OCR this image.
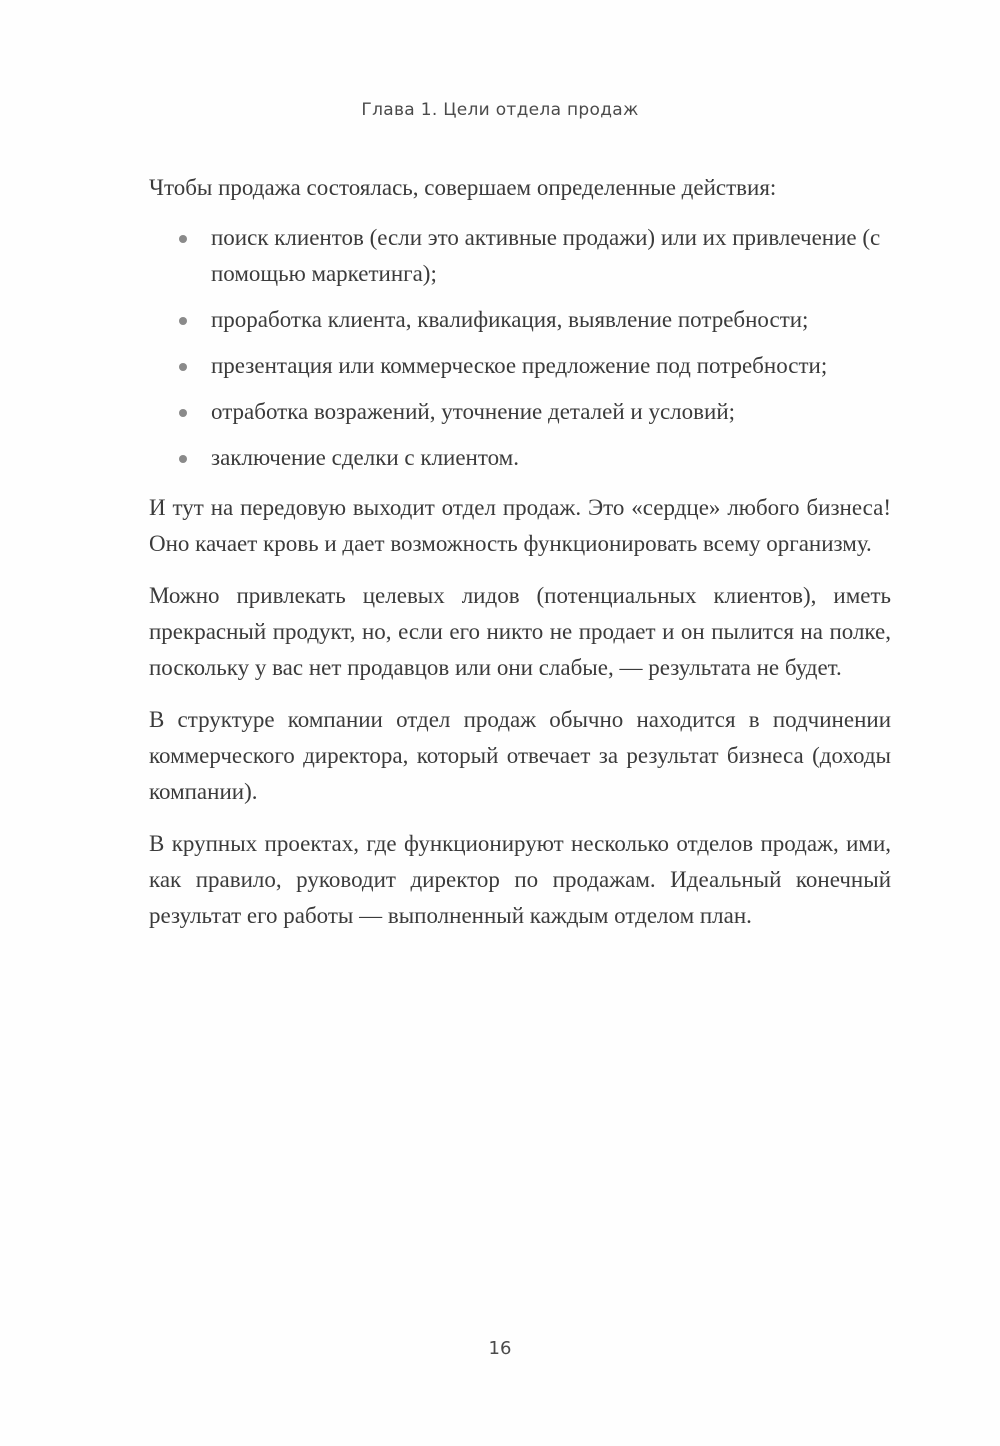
Глава 1. Цели отдела продаж

Чтобы продажа состоялась, совершаем определенные действия:

поиск клиентов (если это активные продажи) или их привлечение (с помощью маркетинга);
проработка клиента, квалификация, выявление потребности;
презентация или коммерческое предложение под потребности;
отработка возражений, уточнение деталей и условий;
заключение сделки с клиентом.

И тут на передовую выходит отдел продаж. Это «сердце» любого бизнеса! Оно качает кровь и дает возможность функционировать всему организму.

Можно привлекать целевых лидов (потенциальных клиентов), иметь прекрасный продукт, но, если его никто не продает и он пылится на полке, поскольку у вас нет продавцов или они слабые, — результата не будет.

В структуре компании отдел продаж обычно находится в подчинении коммерческого директора, который отвечает за результат бизнеса (доходы компании).

В крупных проектах, где функционируют несколько отделов продаж, ими, как правило, руководит директор по продажам. Идеальный конечный результат его работы — выполненный каждым отделом план.

16
